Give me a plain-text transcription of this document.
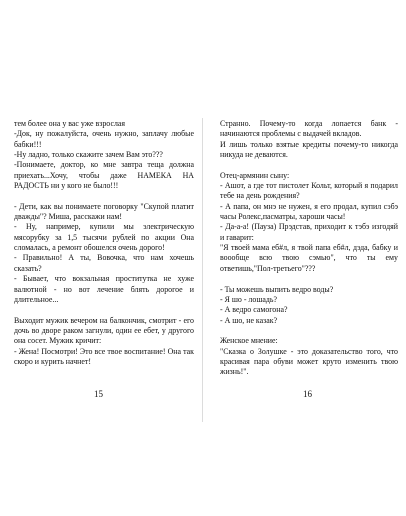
тем более она у вас уже взрослая

-Док, ну пожалуйста, очень нужно, заплачу любые бабки!!!

-Ну ладно, только скажите зачем Вам это???

-Понимаете, доктор, ко мне завтра теща должна приехать...Хочу, чтобы даже НАМЕКА НА РАДОСТЬ ни у кого не было!!!

- Дети, как вы понимаете поговорку "Скупой платит дважды"? Миша, расскажи нам!

- Ну, например, купили мы электрическую мясорубку за 1,5 тысячи рублей по акции Она сломалась, а ремонт обошелся очень дорого!

- Правильно! А ты, Вовочка, что нам хочешь сказать?

- Бывает, что вокзальная проститутка не хуже валютной - но вот лечение блять дорогое и длительное...

Выходит мужик вечером на балкончик, смотрит - его дочь во дворе раком загнули, один ее ебет, у другого она сосет. Мужик кричит:

- Жена! Посмотри! Это все твое воспитание! Она так скоро и курить начнет!

15

Странно. Почему-то когда лопается банк - начинаются проблемы с выдачей вкладов.

И лишь только взятые кредиты почему-то никогда никуда не деваются.

Отец-армянин сыну:

- Ашот, а где тот пистолет Кольт, который я подарил тебе на день рождения?

- А папа, он мнэ не нужен, я его продал, купил сэбэ часы Ролекс,пасматры, хароши часы!

- Да-а-а! (Пауза) Прэдстав, приходит к тэбэ изгодяй и гаварит:

"Я твоей мама еб#л, я твой папа еб#л, дэда, бабку и воообще всю твою сэмью", что ты ему ответишь,"Пол-третьего"???

- Ты можешь выпить ведро воды?

- Я шо - лошадь?

- А ведро самогона?

- А шо, не казак?

Женское мнение:

"Сказка о Золушке - это доказательство того, что красивая пара обуви может круто изменить твою жизнь!".

16
